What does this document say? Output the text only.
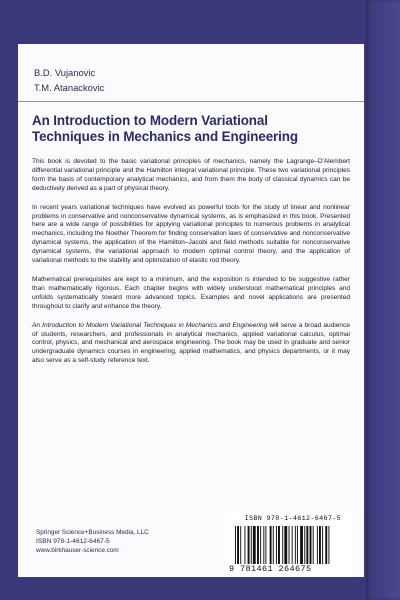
B.D. Vujanovic
T.M. Atanackovic
An Introduction to Modern Variational
Techniques in Mechanics and Engineering

This book is devoted to the basic variational principles of mechanics, namely the Lagrange–D'Alembert differential variational principle and the Hamilton integral variational principle. These two variational principles form the basis of contemporary analytical mechanics, and from them the body of classical dynamics can be deductively derived as a part of physical theory.

In recent years variational techniques have evolved as powerful tools for the study of linear and nonlinear problems in conservative and nonconservative dynamical systems, as is emphasized in this book. Presented here are a wide range of possibilities for applying variational principles to numerous problems in analytical mechanics, including the Noether Theorem for finding conservation laws of conservative and nonconservative dynamical systems, the application of the Hamilton–Jacobi and field methods suitable for nonconservative dynamical systems, the variational approach to modern optimal control theory, and the application of variational methods to the stability and optimization of elastic rod theory.

Mathematical prerequisites are kept to a minimum, and the exposition is intended to be suggestive rather than mathematically rigorous. Each chapter begins with widely understood mathematical principles and unfolds systematically toward more advanced topics. Examples and novel applications are presented throughout to clarify and enhance the theory.

An Introduction to Modern Variational Techniques in Mechanics and Engineering will serve a broad audience of students, researchers, and professionals in analytical mechanics, applied variational calculus, optimal control, physics, and mechanical and aerospace engineering. The book may be used in graduate and senior undergraduate dynamics courses in engineering, applied mathematics, and physics departments, or it may also serve as a self-study reference text.

Springer Science+Business Media, LLC
ISBN 978-1-4612-6467-5
www.birkhauser-science.com
ISBN 978-1-4612-6467-5
9 781461 264675
